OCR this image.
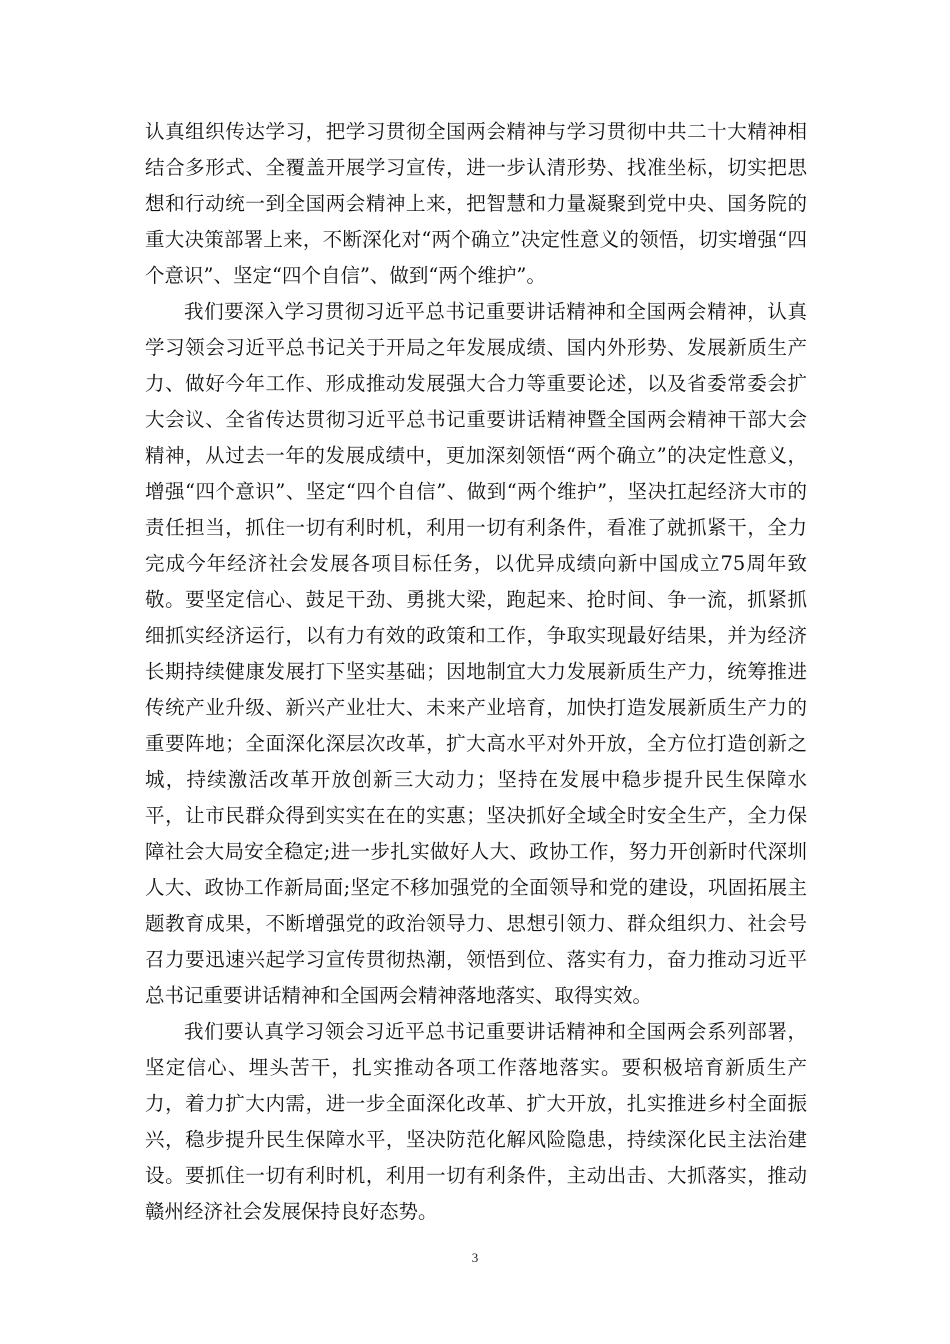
认真组织传达学习，把学习贯彻全国两会精神与学习贯彻中共二十大精神相结合多形式、全覆盖开展学习宣传，进一步认清形势、找准坐标，切实把思想和行动统一到全国两会精神上来，把智慧和力量凝聚到党中央、国务院的重大决策部署上来，不断深化对“两个确立”决定性意义的领悟，切实增强“四个意识”、坚定“四个自信”、做到“两个维护”。

我们要深入学习贯彻习近平总书记重要讲话精神和全国两会精神，认真学习领会习近平总书记关于开局之年发展成绩、国内外形势、发展新质生产力、做好今年工作、形成推动发展强大合力等重要论述，以及省委常委会扩大会议、全省传达贯彻习近平总书记重要讲话精神暨全国两会精神干部大会精神，从过去一年的发展成绩中，更加深刻领悟“两个确立”的决定性意义，增强“四个意识”、坚定“四个自信”、做到“两个维护”，坚决扛起经济大市的责任担当，抓住一切有利时机，利用一切有利条件，看准了就抓紧干，全力完成今年经济社会发展各项目标任务，以优异成绩向新中国成立75周年致敬。要坚定信心、鼓足干劲、勇挑大梁，跑起来、抢时间、争一流，抓紧抓细抓实经济运行，以有力有效的政策和工作，争取实现最好结果，并为经济长期持续健康发展打下坚实基础；因地制宜大力发展新质生产力，统筹推进传统产业升级、新兴产业壮大、未来产业培育，加快打造发展新质生产力的重要阵地；全面深化深层次改革，扩大高水平对外开放，全方位打造创新之城，持续激活改革开放创新三大动力；坚持在发展中稳步提升民生保障水平，让市民群众得到实实在在的实惠；坚决抓好全域全时安全生产，全力保障社会大局安全稳定;进一步扎实做好人大、政协工作，努力开创新时代深圳人大、政协工作新局面;坚定不移加强党的全面领导和党的建设，巩固拓展主题教育成果，不断增强党的政治领导力、思想引领力、群众组织力、社会号召力要迅速兴起学习宣传贯彻热潮，领悟到位、落实有力，奋力推动习近平总书记重要讲话精神和全国两会精神落地落实、取得实效。

我们要认真学习领会习近平总书记重要讲话精神和全国两会系列部署，坚定信心、埋头苦干，扎实推动各项工作落地落实。要积极培育新质生产力，着力扩大内需，进一步全面深化改革、扩大开放，扎实推进乡村全面振兴，稳步提升民生保障水平，坚决防范化解风险隐患，持续深化民主法治建设。要抓住一切有利时机，利用一切有利条件，主动出击、大抓落实，推动赣州经济社会发展保持良好态势。

3
